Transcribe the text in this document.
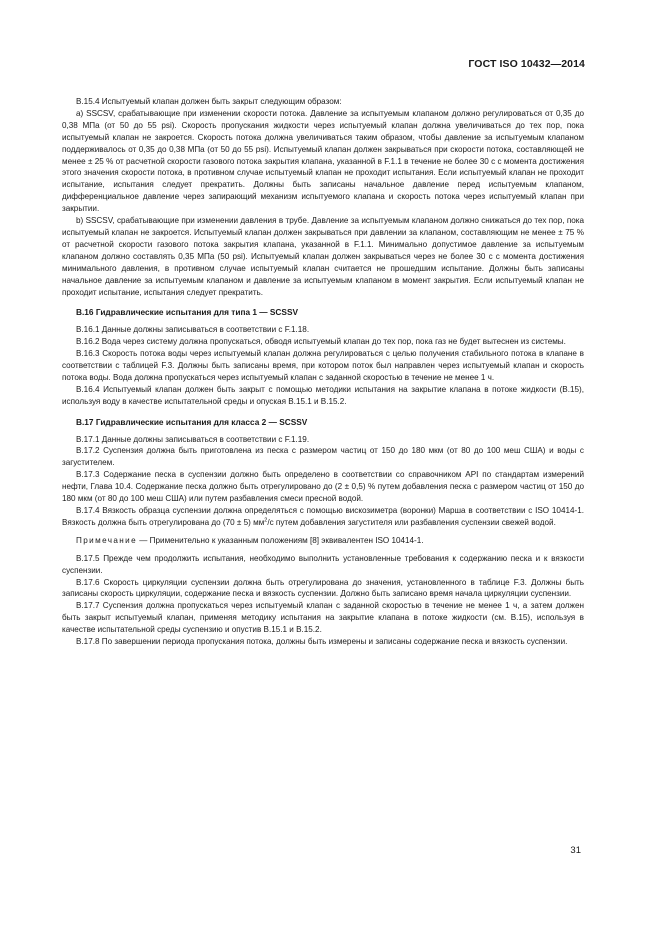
ГОСТ ISO 10432—2014

В.15.4 Испытуемый клапан должен быть закрыт следующим образом:

а) SSCSV, срабатывающие при изменении скорости потока. Давление за испытуемым клапаном должно регулироваться от 0,35 до 0,38 МПа (от 50 до 55 psi). Скорость пропускания жидкости через испытуемый клапан должна увеличиваться до тех пор, пока испытуемый клапан не закроется. Скорость потока должна увеличиваться таким образом, чтобы давление за испытуемым клапаном поддерживалось от 0,35 до 0,38 МПа (от 50 до 55 psi). Испытуемый клапан должен закрываться при скорости потока, составляющей не менее ± 25 % от расчетной скорости газового потока закрытия клапана, указанной в F.1.1 в течение не более 30 с с момента достижения этого значения скорости потока, в противном случае испытуемый клапан не проходит испытания. Если испытуемый клапан не проходит испытание, испытания следует прекратить. Должны быть записаны начальное давление перед испытуемым клапаном, дифференциальное давление через запирающий механизм испытуемого клапана и скорость потока через испытуемый клапан при закрытии.

b) SSCSV, срабатывающие при изменении давления в трубе. Давление за испытуемым клапаном должно снижаться до тех пор, пока испытуемый клапан не закроется. Испытуемый клапан должен закрываться при давлении за клапаном, составляющим не менее ± 75 % от расчетной скорости газового потока закрытия клапана, указанной в F.1.1. Минимально допустимое давление за испытуемым клапаном должно составлять 0,35 МПа (50 psi). Испытуемый клапан должен закрываться через не более 30 с с момента достижения минимального давления, в противном случае испытуемый клапан считается не прошедшим испытание. Должны быть записаны начальное давление за испытуемым клапаном и давление за испытуемым клапаном в момент закрытия. Если испытуемый клапан не проходит испытание, испытания следует прекратить.

В.16 Гидравлические испытания для типа 1 — SCSSV

В.16.1 Данные должны записываться в соответствии с F.1.18.

В.16.2 Вода через систему должна пропускаться, обводя испытуемый клапан до тех пор, пока газ не будет вытеснен из системы.

В.16.3 Скорость потока воды через испытуемый клапан должна регулироваться с целью получения стабильного потока в клапане в соответствии с таблицей F.3. Должны быть записаны время, при котором поток был направлен через испытуемый клапан и скорость потока воды. Вода должна пропускаться через испытуемый клапан с заданной скоростью в течение не менее 1 ч.

В.16.4 Испытуемый клапан должен быть закрыт с помощью методики испытания на закрытие клапана в потоке жидкости (В.15), используя воду в качестве испытательной среды и опуская В.15.1 и В.15.2.

В.17 Гидравлические испытания для класса 2 — SCSSV

В.17.1 Данные должны записываться в соответствии с F.1.19.

В.17.2 Суспензия должна быть приготовлена из песка с размером частиц от 150 до 180 мкм (от 80 до 100 меш США) и воды с загустителем.

В.17.3 Содержание песка в суспензии должно быть определено в соответствии со справочником API по стандартам измерений нефти, Глава 10.4. Содержание песка должно быть отрегулировано до (2 ± 0,5) % путем добавления песка с размером частиц от 150 до 180 мкм (от 80 до 100 меш США) или путем разбавления смеси пресной водой.

В.17.4 Вязкость образца суспензии должна определяться с помощью вискозиметра (воронки) Марша в соответствии с ISO 10414-1. Вязкость должна быть отрегулирована до (70 ± 5) $мм^2/с$ путем добавления загустителя или разбавления суспензии свежей водой.

Примечание — Применительно к указанным положениям [8] эквивалентен ISO 10414-1.

В.17.5 Прежде чем продолжить испытания, необходимо выполнить установленные требования к содержанию песка и к вязкости суспензии.

В.17.6 Скорость циркуляции суспензии должна быть отрегулирована до значения, установленного в таблице F.3. Должны быть записаны скорость циркуляции, содержание песка и вязкость суспензии. Должно быть записано время начала циркуляции суспензии.

В.17.7 Суспензия должна пропускаться через испытуемый клапан с заданной скоростью в течение не менее 1 ч, а затем должен быть закрыт испытуемый клапан, применяя методику испытания на закрытие клапана в потоке жидкости (см. В.15), используя в качестве испытательной среды суспензию и опустив В.15.1 и В.15.2.

В.17.8 По завершении периода пропускания потока, должны быть измерены и записаны содержание песка и вязкость суспензии.

31
